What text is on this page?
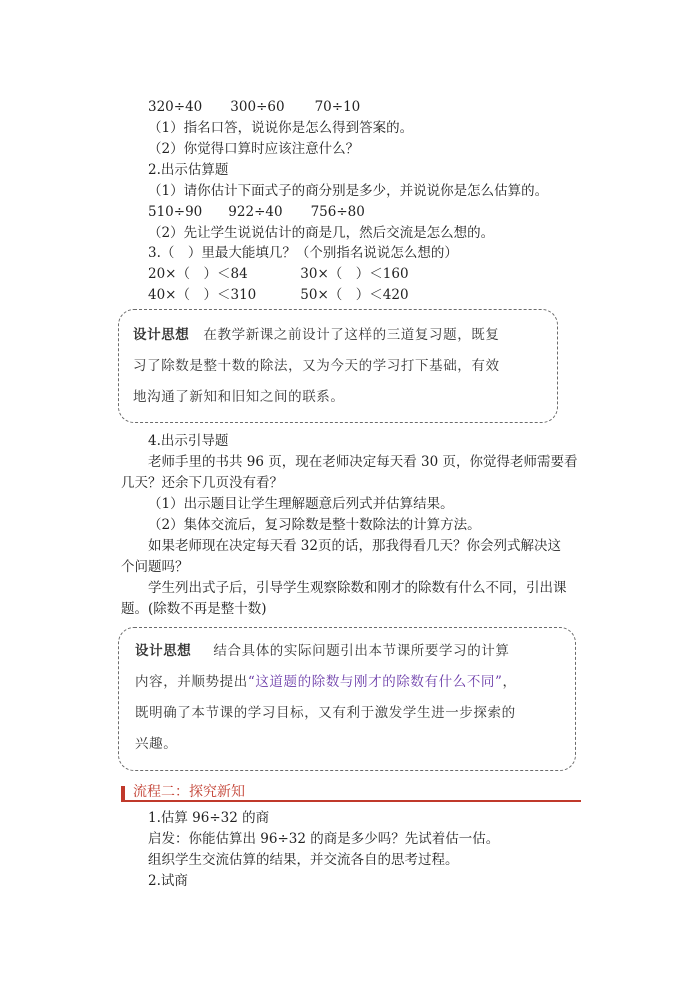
320÷40 300÷60 70÷10
（1）指名口答，说说你是怎么得到答案的。
（2）你觉得口算时应该注意什么？
2.出示估算题
（1）请你估计下面式子的商分别是多少，并说说你是怎么估算的。
510÷90 922÷40 756÷80
（2）先让学生说说估计的商是几，然后交流是怎么想的。
3.（　）里最大能填几？（个别指名说说怎么想的）
20×（　）＜84	30×（　）＜160
40×（　）＜310	50×（　）＜420
设计思想 在教学新课之前设计了这样的三道复习题，既复
习了除数是整十数的除法，又为今天的学习打下基础，有效
地沟通了新知和旧知之间的联系。
4.出示引导题
老师手里的书共 96 页，现在老师决定每天看 30 页，你觉得老师需要看
几天？还余下几页没有看？
（1）出示题目让学生理解题意后列式并估算结果。
（2）集体交流后，复习除数是整十数除法的计算方法。
如果老师现在决定每天看 32页的话，那我得看几天？你会列式解决这
个问题吗？
学生列出式子后，引导学生观察除数和刚才的除数有什么不同，引出课
题。(除数不再是整十数)
设计思想 结合具体的实际问题引出本节课所要学习的计算
内容，并顺势提出“这道题的除数与刚才的除数有什么不同”，
既明确了本节课的学习目标，又有利于激发学生进一步探索的
兴趣。
流程二：探究新知
1.估算 96÷32 的商
启发：你能估算出 96÷32 的商是多少吗？先试着估一估。
组织学生交流估算的结果，并交流各自的思考过程。
2.试商
